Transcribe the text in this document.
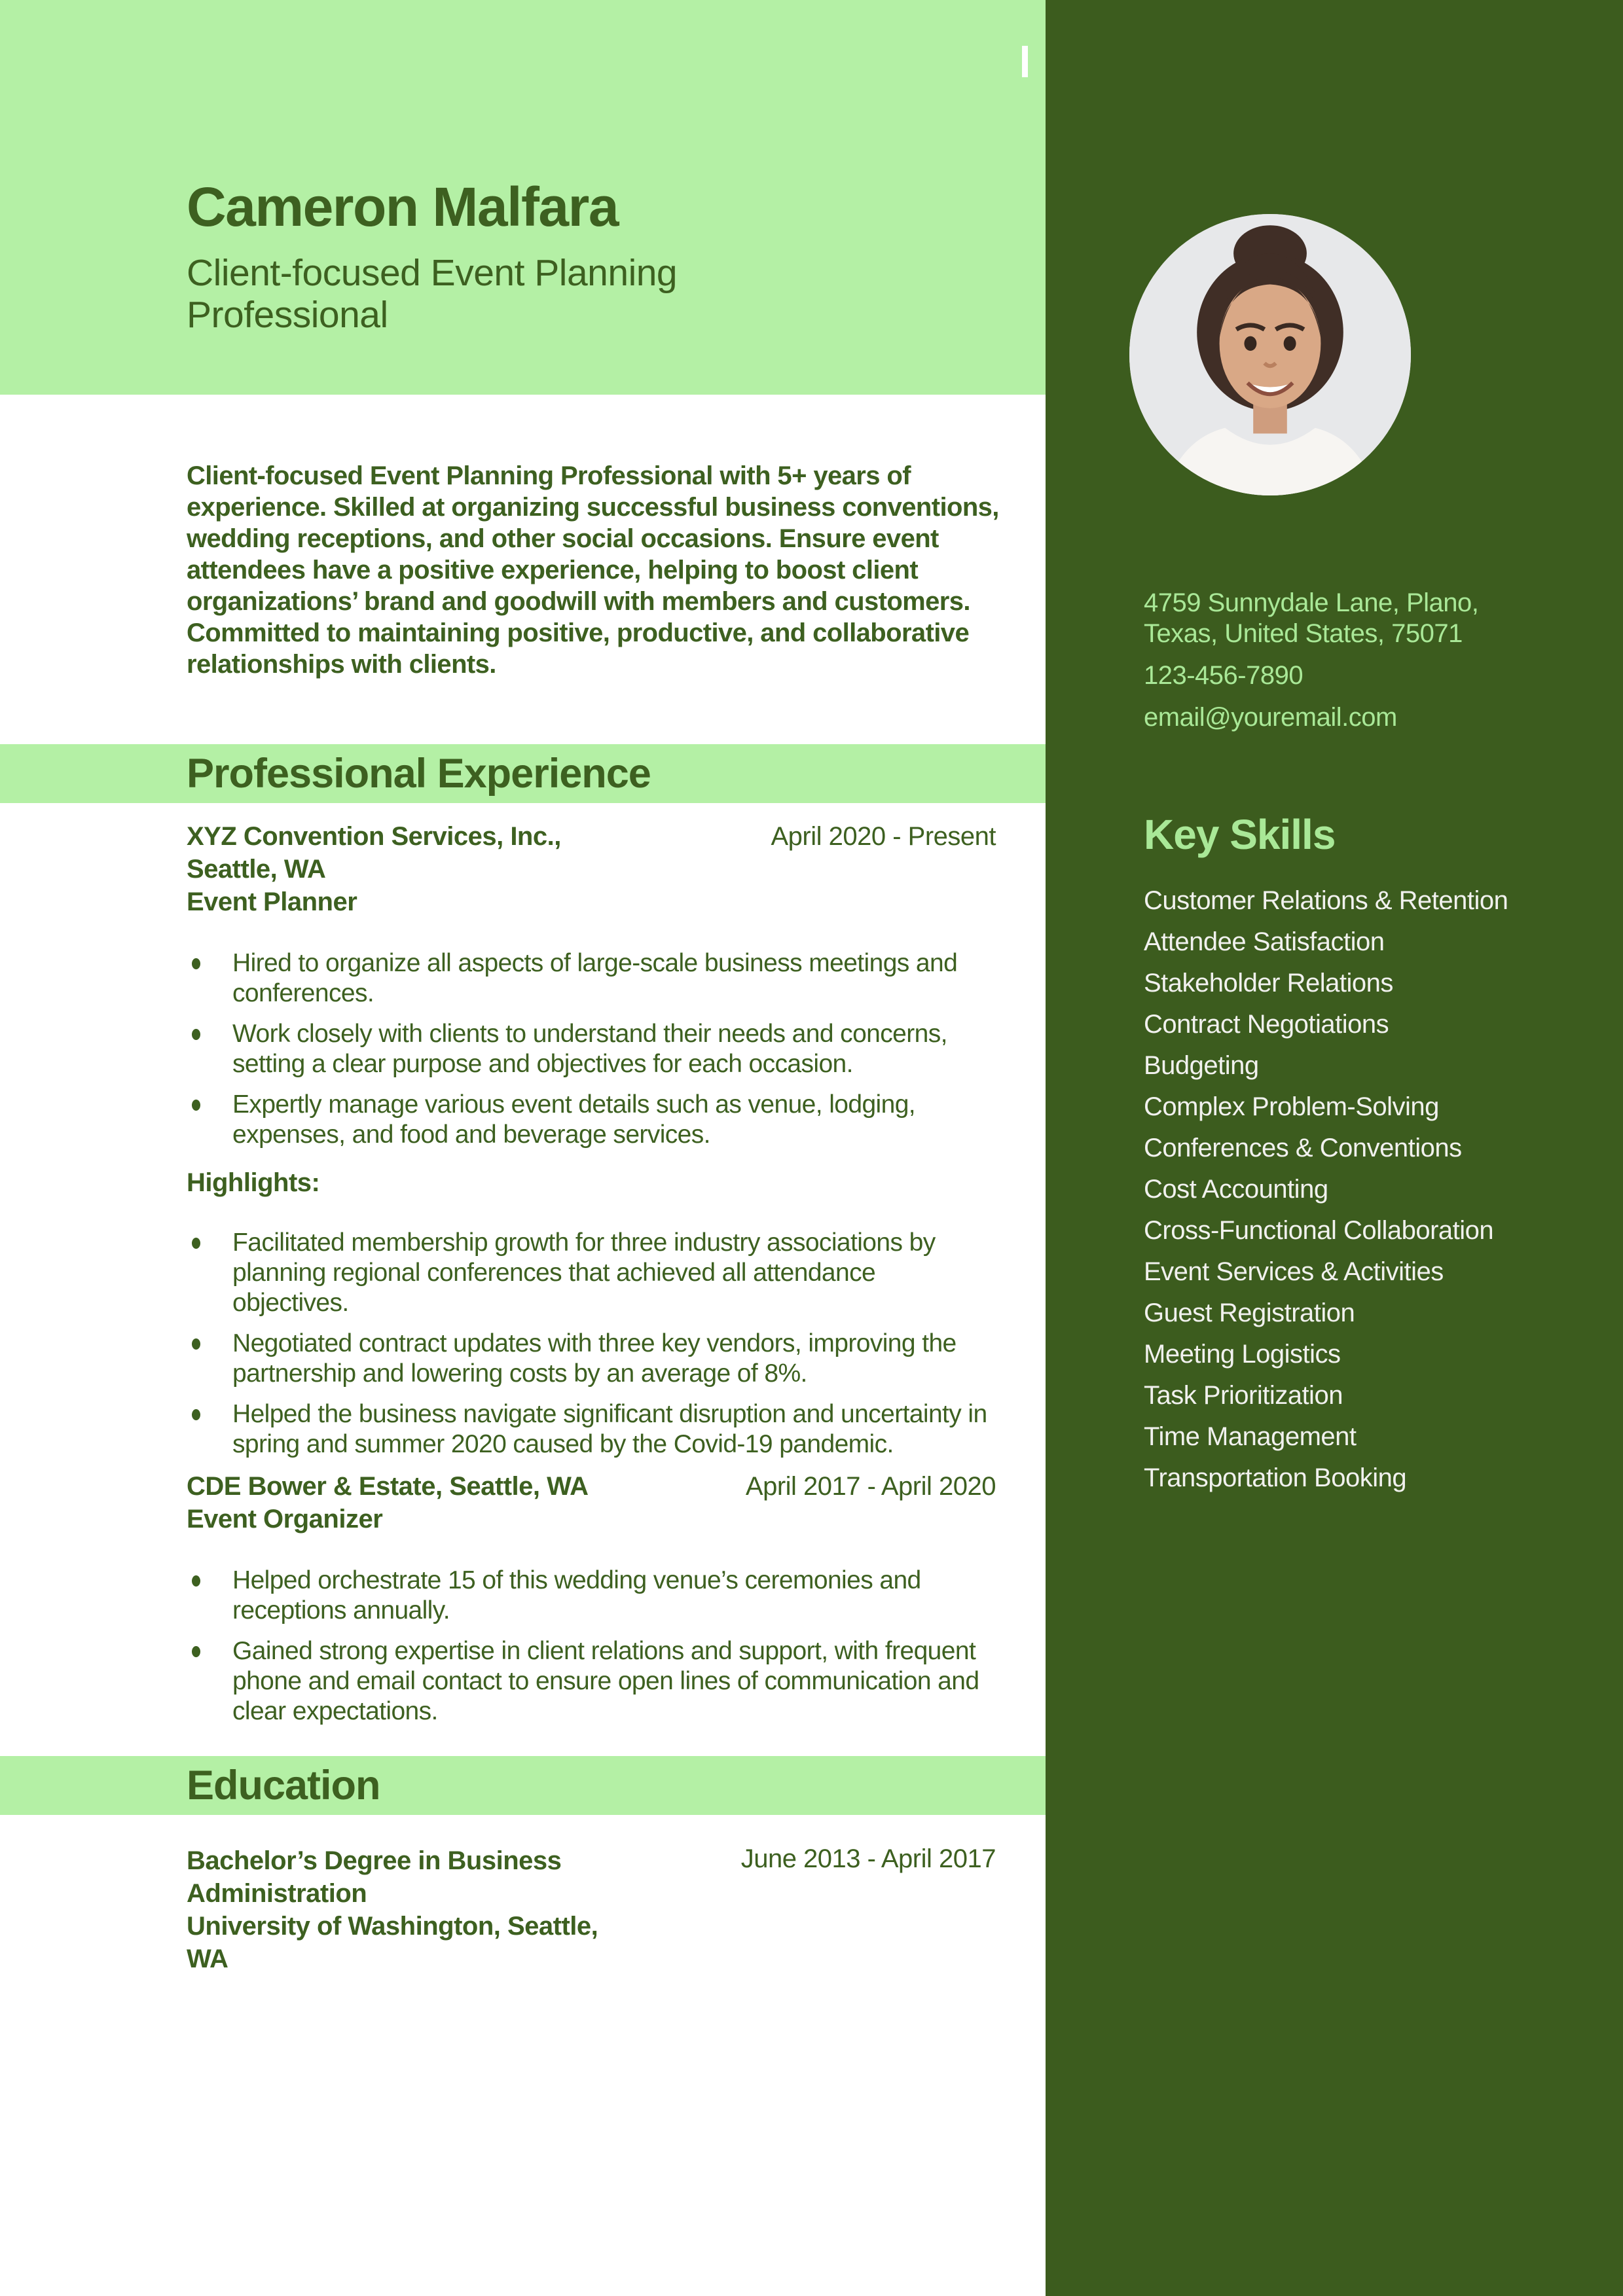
4759 Sunnydale Lane, Plano, Texas, United States, 75071
123-456-7890
email@youremail.com
Key Skills
Customer Relations & Retention
Attendee Satisfaction
Stakeholder Relations
Contract Negotiations
Budgeting
Complex Problem-Solving
Conferences & Conventions
Cost Accounting
Cross-Functional Collaboration
Event Services & Activities
Guest Registration
Meeting Logistics
Task Prioritization
Time Management
Transportation Booking
Cameron Malfara
Client-focused Event Planning Professional
Client-focused Event Planning Professional with 5+ years of experience. Skilled at organizing successful business conventions, wedding receptions, and other social occasions. Ensure event attendees have a positive experience, helping to boost client organizations’ brand and goodwill with members and customers. Committed to maintaining positive, productive, and collaborative relationships with clients.
Professional Experience
XYZ Convention Services, Inc.,
Seattle, WA
Event Planner
April 2020 - Present
Hired to organize all aspects of large-scale business meetings and conferences.
Work closely with clients to understand their needs and concerns, setting a clear purpose and objectives for each occasion.
Expertly manage various event details such as venue, lodging, expenses, and food and beverage services.
Highlights:
Facilitated membership growth for three industry associations by planning regional conferences that achieved all attendance objectives.
Negotiated contract updates with three key vendors, improving the partnership and lowering costs by an average of 8%.
Helped the business navigate significant disruption and uncertainty in spring and summer 2020 caused by the Covid-19 pandemic.
CDE Bower & Estate, Seattle, WA
Event Organizer
April 2017 - April 2020
Helped orchestrate 15 of this wedding venue’s ceremonies and receptions annually.
Gained strong expertise in client relations and support, with frequent phone and email contact to ensure open lines of communication and clear expectations.
Education
Bachelor’s Degree in Business Administration
University of Washington, Seattle, WA
June 2013 - April 2017
